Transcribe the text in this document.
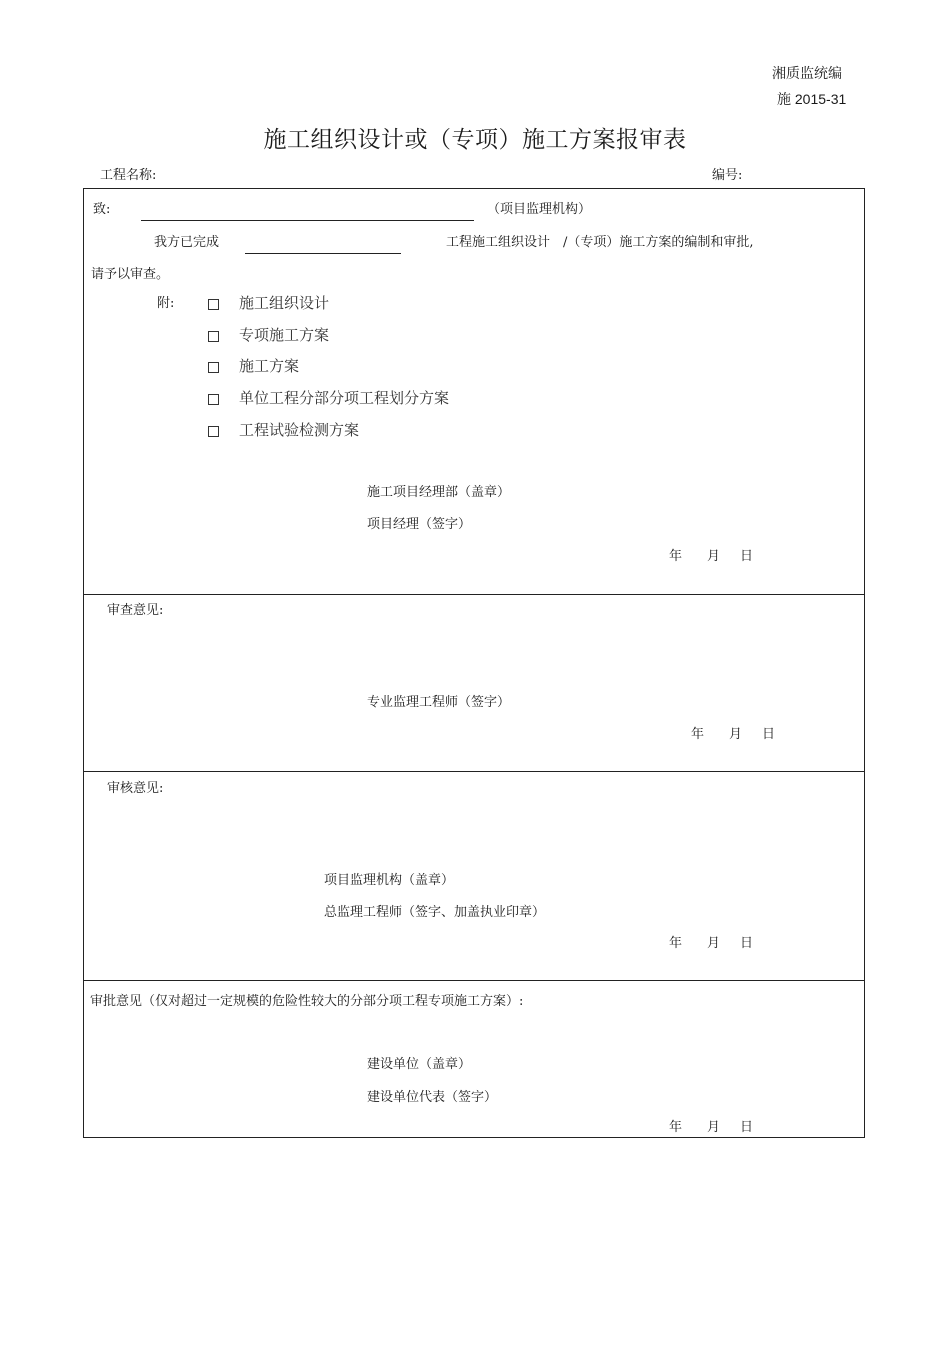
湘质监统编
施 2015-31
施工组织设计或（专项）施工方案报审表
工程名称:	编号:
致:	（项目监理机构）
我方已完成	工程施工组织设计　/（专项）施工方案的编制和审批,
请予以审查。
附:	施工组织设计
专项施工方案
施工方案
单位工程分部分项工程划分方案
工程试验检测方案
施工项目经理部（盖章）
项目经理（签字）
年 月 日
审查意见:
专业监理工程师（签字）
年 月 日
审核意见:
项目监理机构（盖章）
总监理工程师（签字、加盖执业印章）
年 月 日
审批意见（仅对超过一定规模的危险性较大的分部分项工程专项施工方案）:
建设单位（盖章）
建设单位代表（签字）
年 月 日
